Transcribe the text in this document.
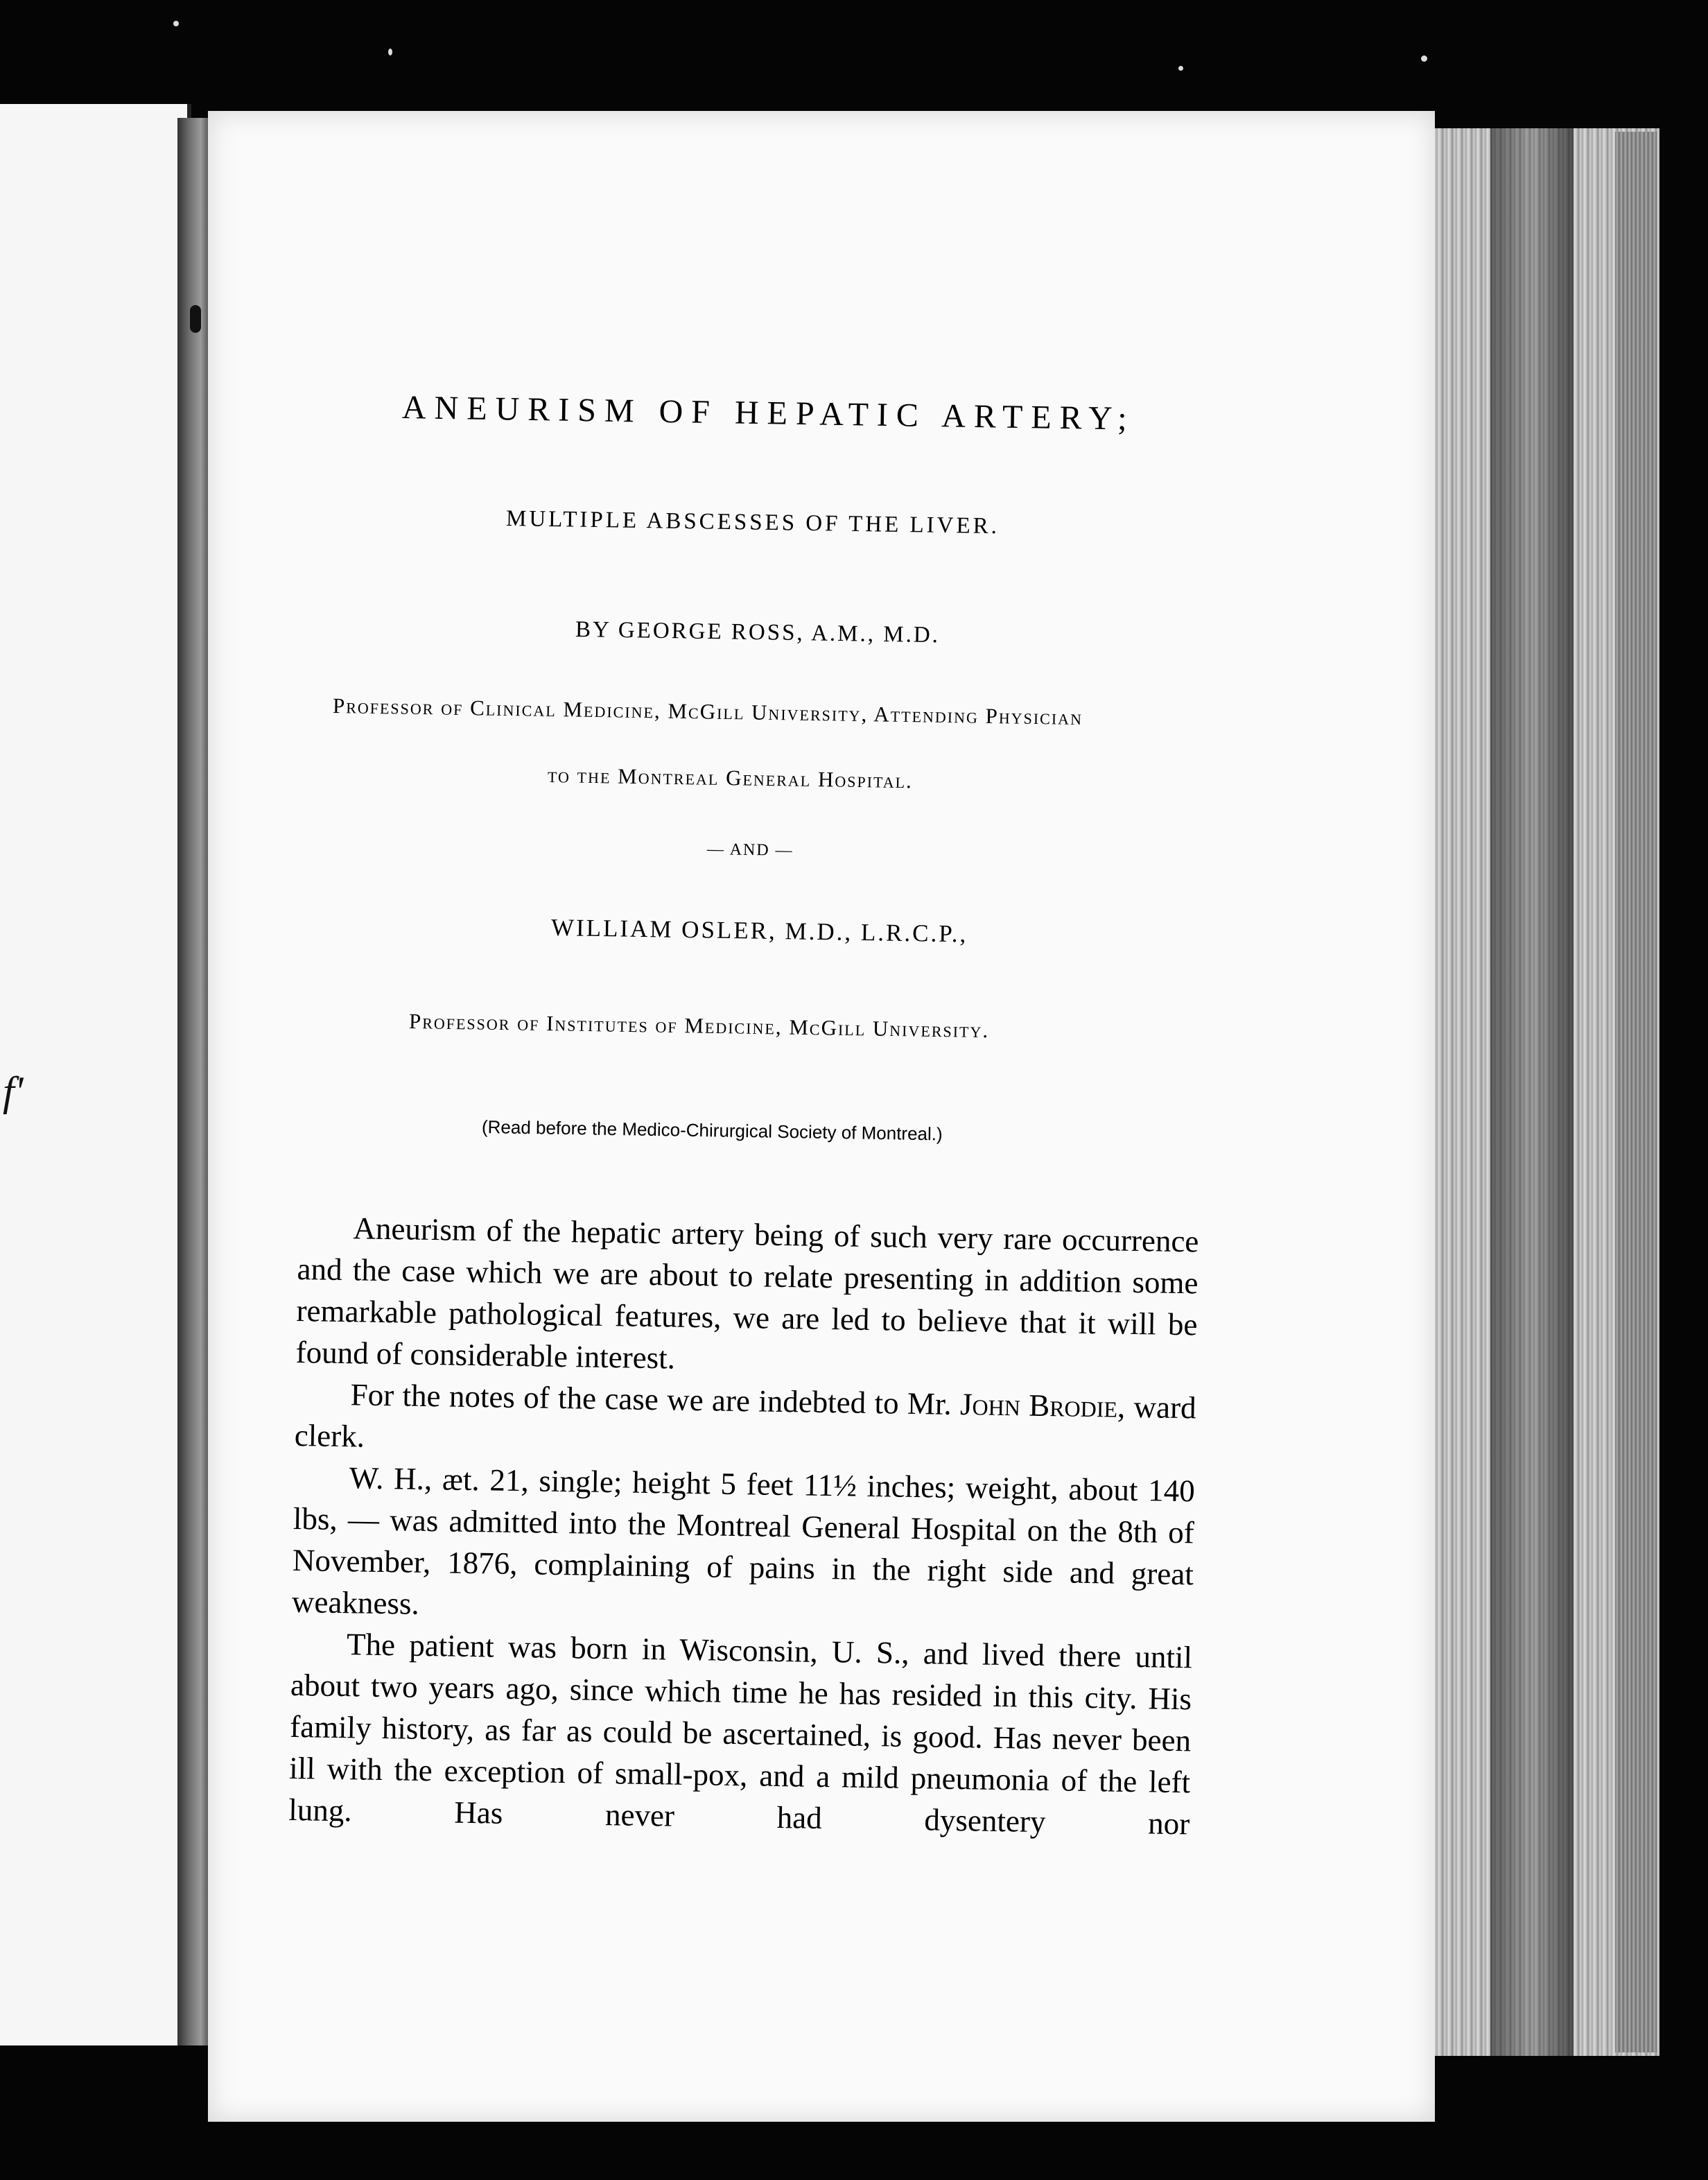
f'
ANEURISM OF HEPATIC ARTERY;
MULTIPLE ABSCESSES OF THE LIVER.
BY GEORGE ROSS, A.M., M.D.
Professor of Clinical Medicine, McGill University, Attending Physician
to the Montreal General Hospital.
— AND —
WILLIAM OSLER, M.D., L.R.C.P.,
Professor of Institutes of Medicine, McGill University.
(Read before the Medico-Chirurgical Society of Montreal.)

Aneurism of the hepatic artery being of such very rare occurrence and the case which we are about to relate presenting in addition some remarkable pathological features, we are led to believe that it will be found of considerable interest.

For the notes of the case we are indebted to Mr. John Brodie, ward clerk.

W. H., æt. 21, single; height 5 feet 11½ inches; weight, about 140 lbs, — was admitted into the Montreal General Hospital on the 8th of November, 1876, complaining of pains in the right side and great weakness.

The patient was born in Wisconsin, U. S., and lived there until about two years ago, since which time he has resided in this city. His family history, as far as could be ascertained, is good. Has never been ill with the exception of small-pox, and a mild pneumonia of the left lung. Has never had dysentery nor
